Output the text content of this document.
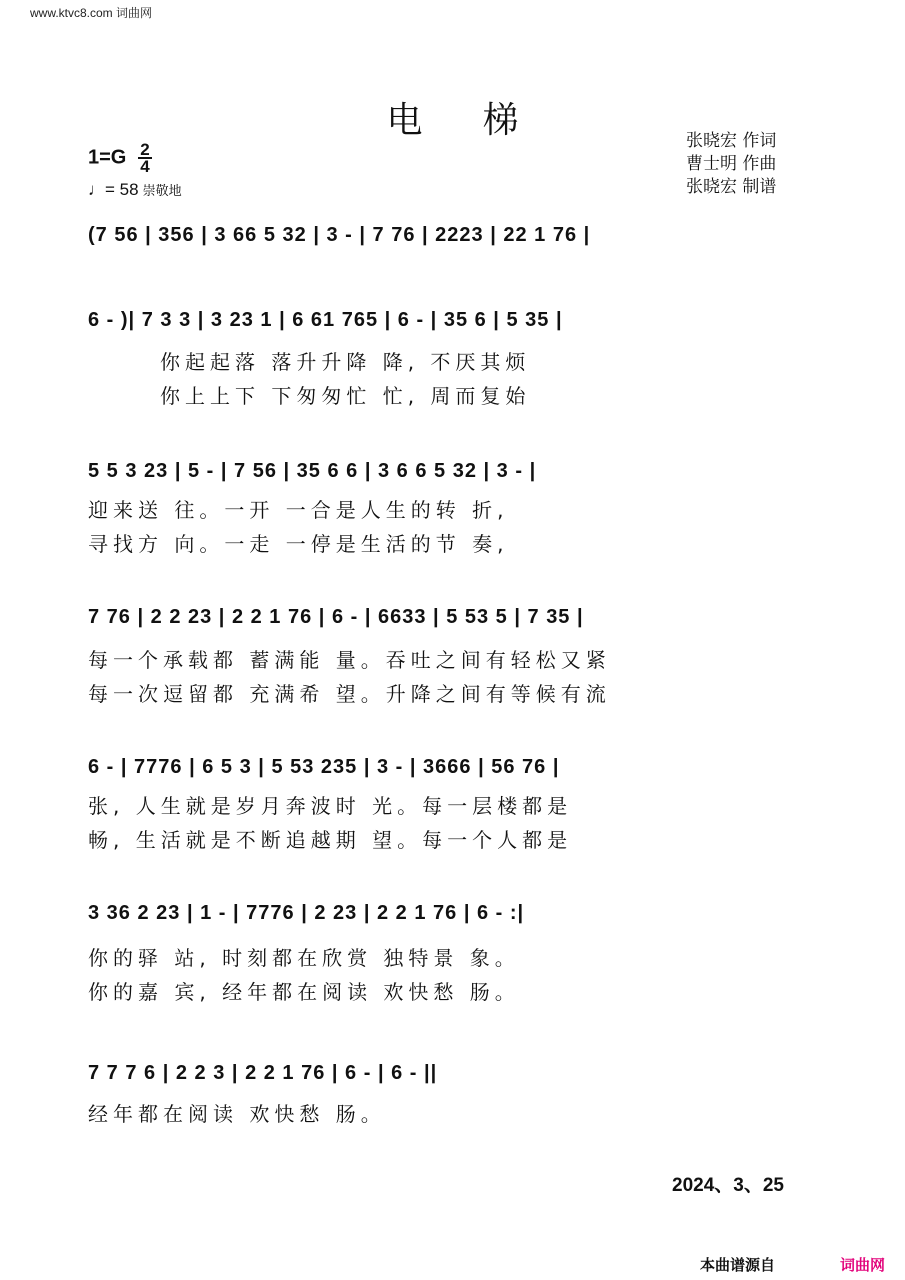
www.ktvc8.com 词曲网
电梯
$1=G \frac{2}{4}$
♩= 58 崇敬地
张晓宏 作词
曹士明 作曲
张晓宏 制谱
(7 56 | 356 | 3 66 5 32 | 3 - | 7 76 | 2223 | 22 1 76 |
6 - )| 7 3 3 | 3 23 1 | 6 61 765 | 6 - | 35 6 | 5 35 |
你起起落 落升升降 降, 不厌其烦
你上上下 下匆匆忙 忙, 周而复始
5 5 3 23 | 5 - | 7 56 | 35 6 6 | 3 6 6 5 32 | 3 - |
迎来送 往。一开 一合是人生的转 折,
寻找方 向。一走 一停是生活的节 奏,
7 76 | 2 2 23 | 2 2 1 76 | 6 - | 6633 | 5 53 5 | 7 35 |
每一个承载都 蓄满能 量。吞吐之间有轻松又紧
每一次逗留都 充满希 望。升降之间有等候有流
6 - | 7776 | 6 5 3 | 5 53 235 | 3 - | 3666 | 56 76 |
张, 人生就是岁月奔波时 光。每一层楼都是
畅, 生活就是不断追越期 望。每一个人都是
3 36 2 23 | 1 - | 7776 | 2 23 | 2 2 1 76 | 6 - :|
你的驿 站, 时刻都在欣赏 独特景 象。
你的嘉 宾, 经年都在阅读 欢快愁 肠。
7 7 7 6 | 2 2 3 | 2 2 1 76 | 6 - | 6 - ||
经年都在阅读 欢快愁 肠。
2024、3、25
本曲谱源自	词曲网
